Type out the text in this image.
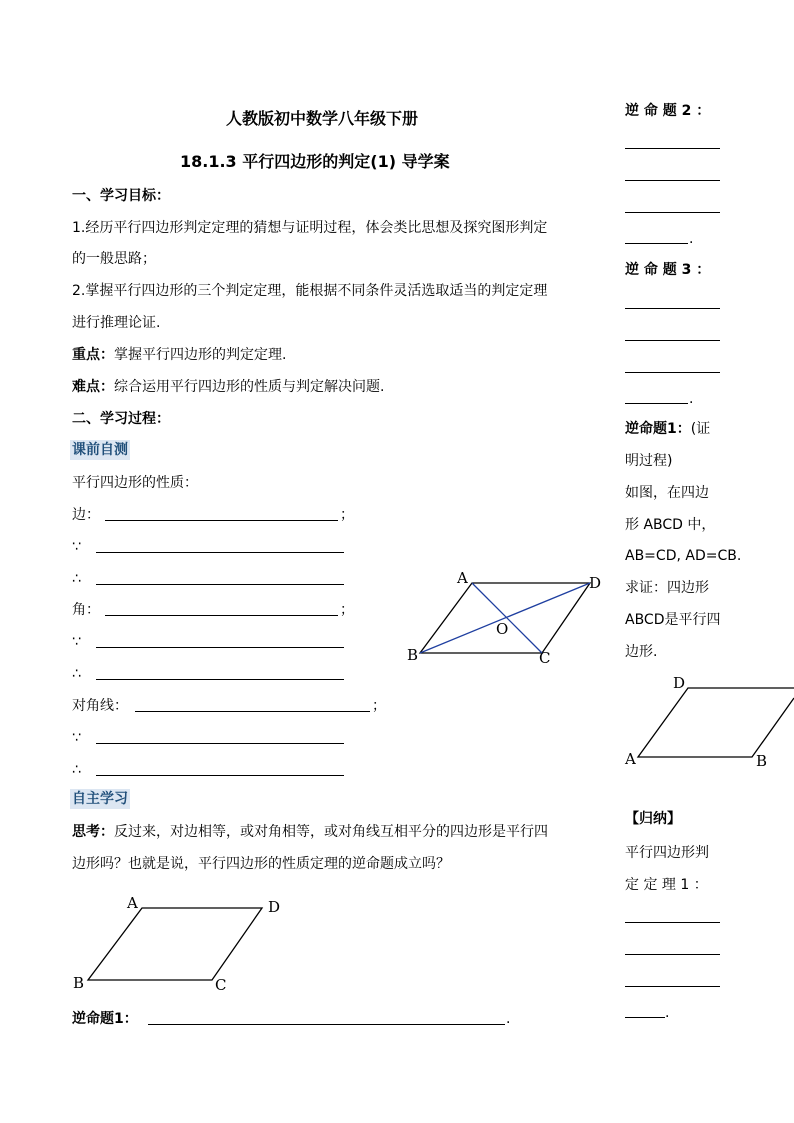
人教版初中数学八年级下册
18.1.3 平行四边形的判定(1) 导学案
一、学习目标：
1.经历平行四边形判定定理的猜想与证明过程，体会类比思想及探究图形判定
的一般思路；
2.掌握平行四边形的三个判定定理，能根据不同条件灵活选取适当的判定定理
进行推理论证.
重点：掌握平行四边形的判定定理.
难点：综合运用平行四边形的性质与判定解决问题.
二、学习过程：
课前自测
平行四边形的性质：
边：	；
∵
∴
角：	；
∵
∴
对角线：	；
∵
∴
A	D
B	C
O
自主学习
思考：反过来，对边相等，或对角相等，或对角线互相平分的四边形是平行四
边形吗？也就是说，平行四边形的性质定理的逆命题成立吗？
A	D
B	C
逆命题1：	.
逆 命 题 2 ：
.
逆 命 题 3 ：
.
逆命题1：(证
明过程)
如图，在四边
形 ABCD 中，
AB=CD, AD=CB.
求证：四边形
ABCD是平行四
边形.
D
A	B
【归纳】
平行四边形判
定 定 理 1 ：
.
